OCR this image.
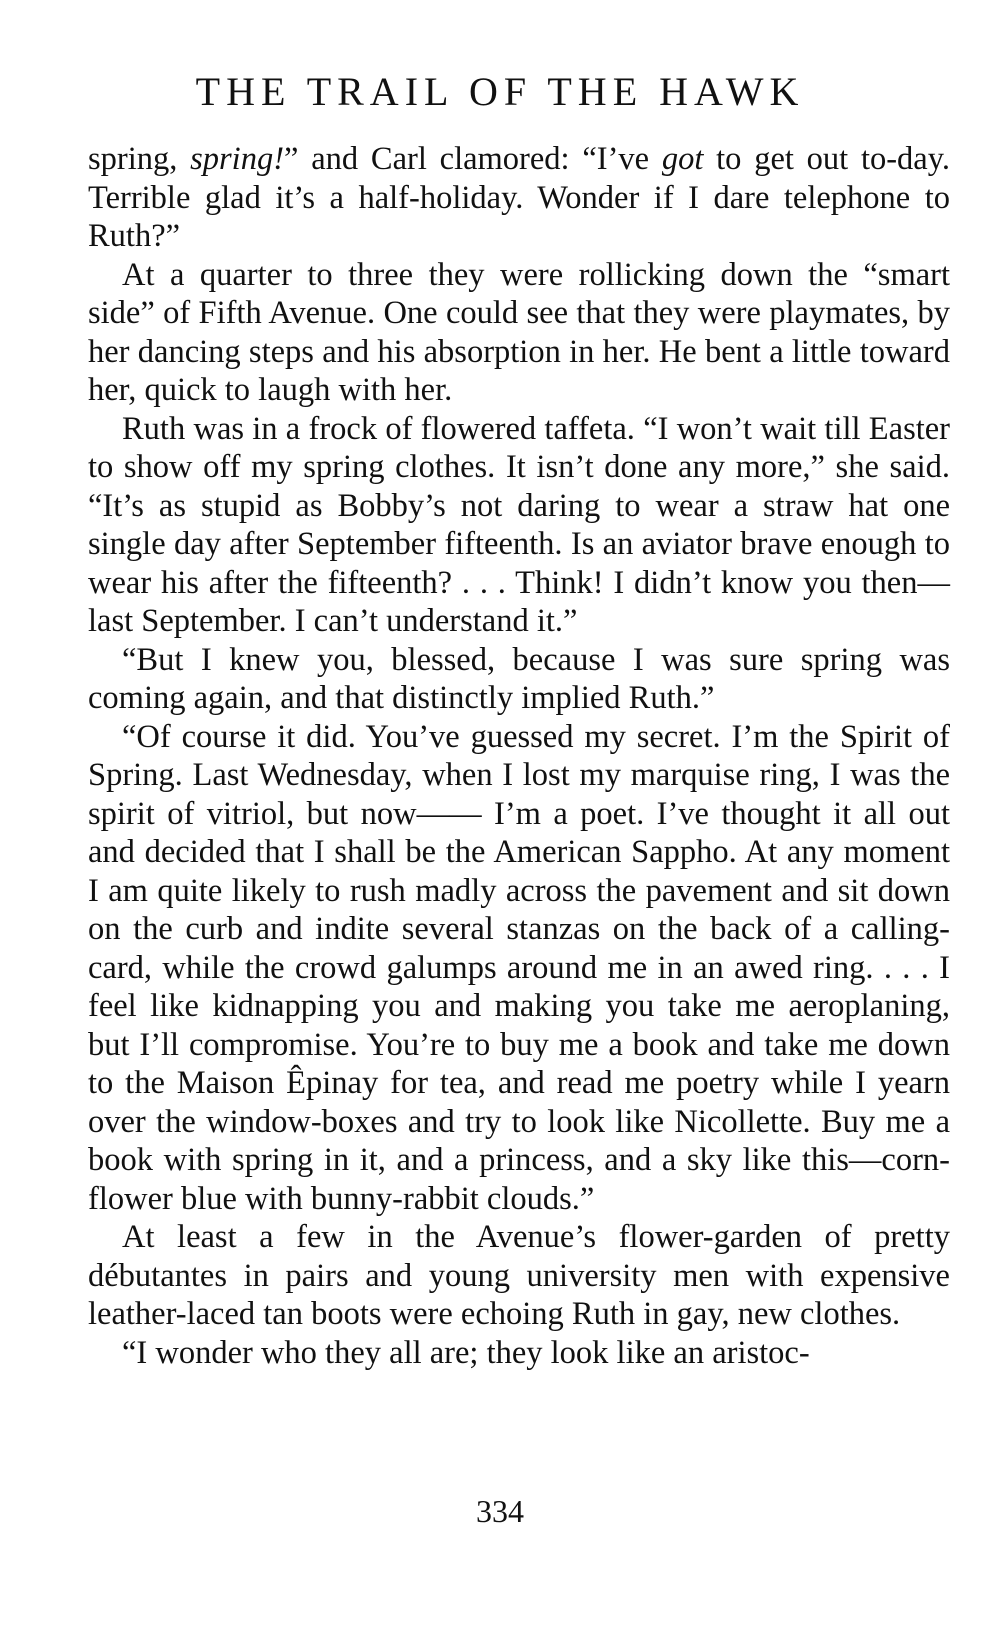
THE TRAIL OF THE HAWK

spring, spring!” and Carl clamored: “I’ve got to get out to-day. Terrible glad it’s a half-holiday. Wonder if I dare telephone to Ruth?”

At a quarter to three they were rollicking down the “smart side” of Fifth Avenue. One could see that they were playmates, by her dancing steps and his absorption in her. He bent a little toward her, quick to laugh with her.

Ruth was in a frock of flowered taffeta. “I won’t wait till Easter to show off my spring clothes. It isn’t done any more,” she said. “It’s as stupid as Bobby’s not daring to wear a straw hat one single day after September fifteenth. Is an aviator brave enough to wear his after the fifteenth? . . . Think! I didn’t know you then—last September. I can’t understand it.”

“But I knew you, blessed, because I was sure spring was coming again, and that distinctly implied Ruth.”

“Of course it did. You’ve guessed my secret. I’m the Spirit of Spring. Last Wednesday, when I lost my marquise ring, I was the spirit of vitriol, but now—— I’m a poet. I’ve thought it all out and decided that I shall be the American Sappho. At any moment I am quite likely to rush madly across the pavement and sit down on the curb and indite several stanzas on the back of a calling-card, while the crowd galumps around me in an awed ring. . . . I feel like kidnapping you and making you take me aeroplaning, but I’ll compromise. You’re to buy me a book and take me down to the Maison Êpinay for tea, and read me poetry while I yearn over the window-boxes and try to look like Nicollette. Buy me a book with spring in it, and a princess, and a sky like this—corn-flower blue with bunny-rabbit clouds.”

At least a few in the Avenue’s flower-garden of pretty débutantes in pairs and young university men with expensive leather-laced tan boots were echoing Ruth in gay, new clothes.

“I wonder who they all are; they look like an aristoc-

334
